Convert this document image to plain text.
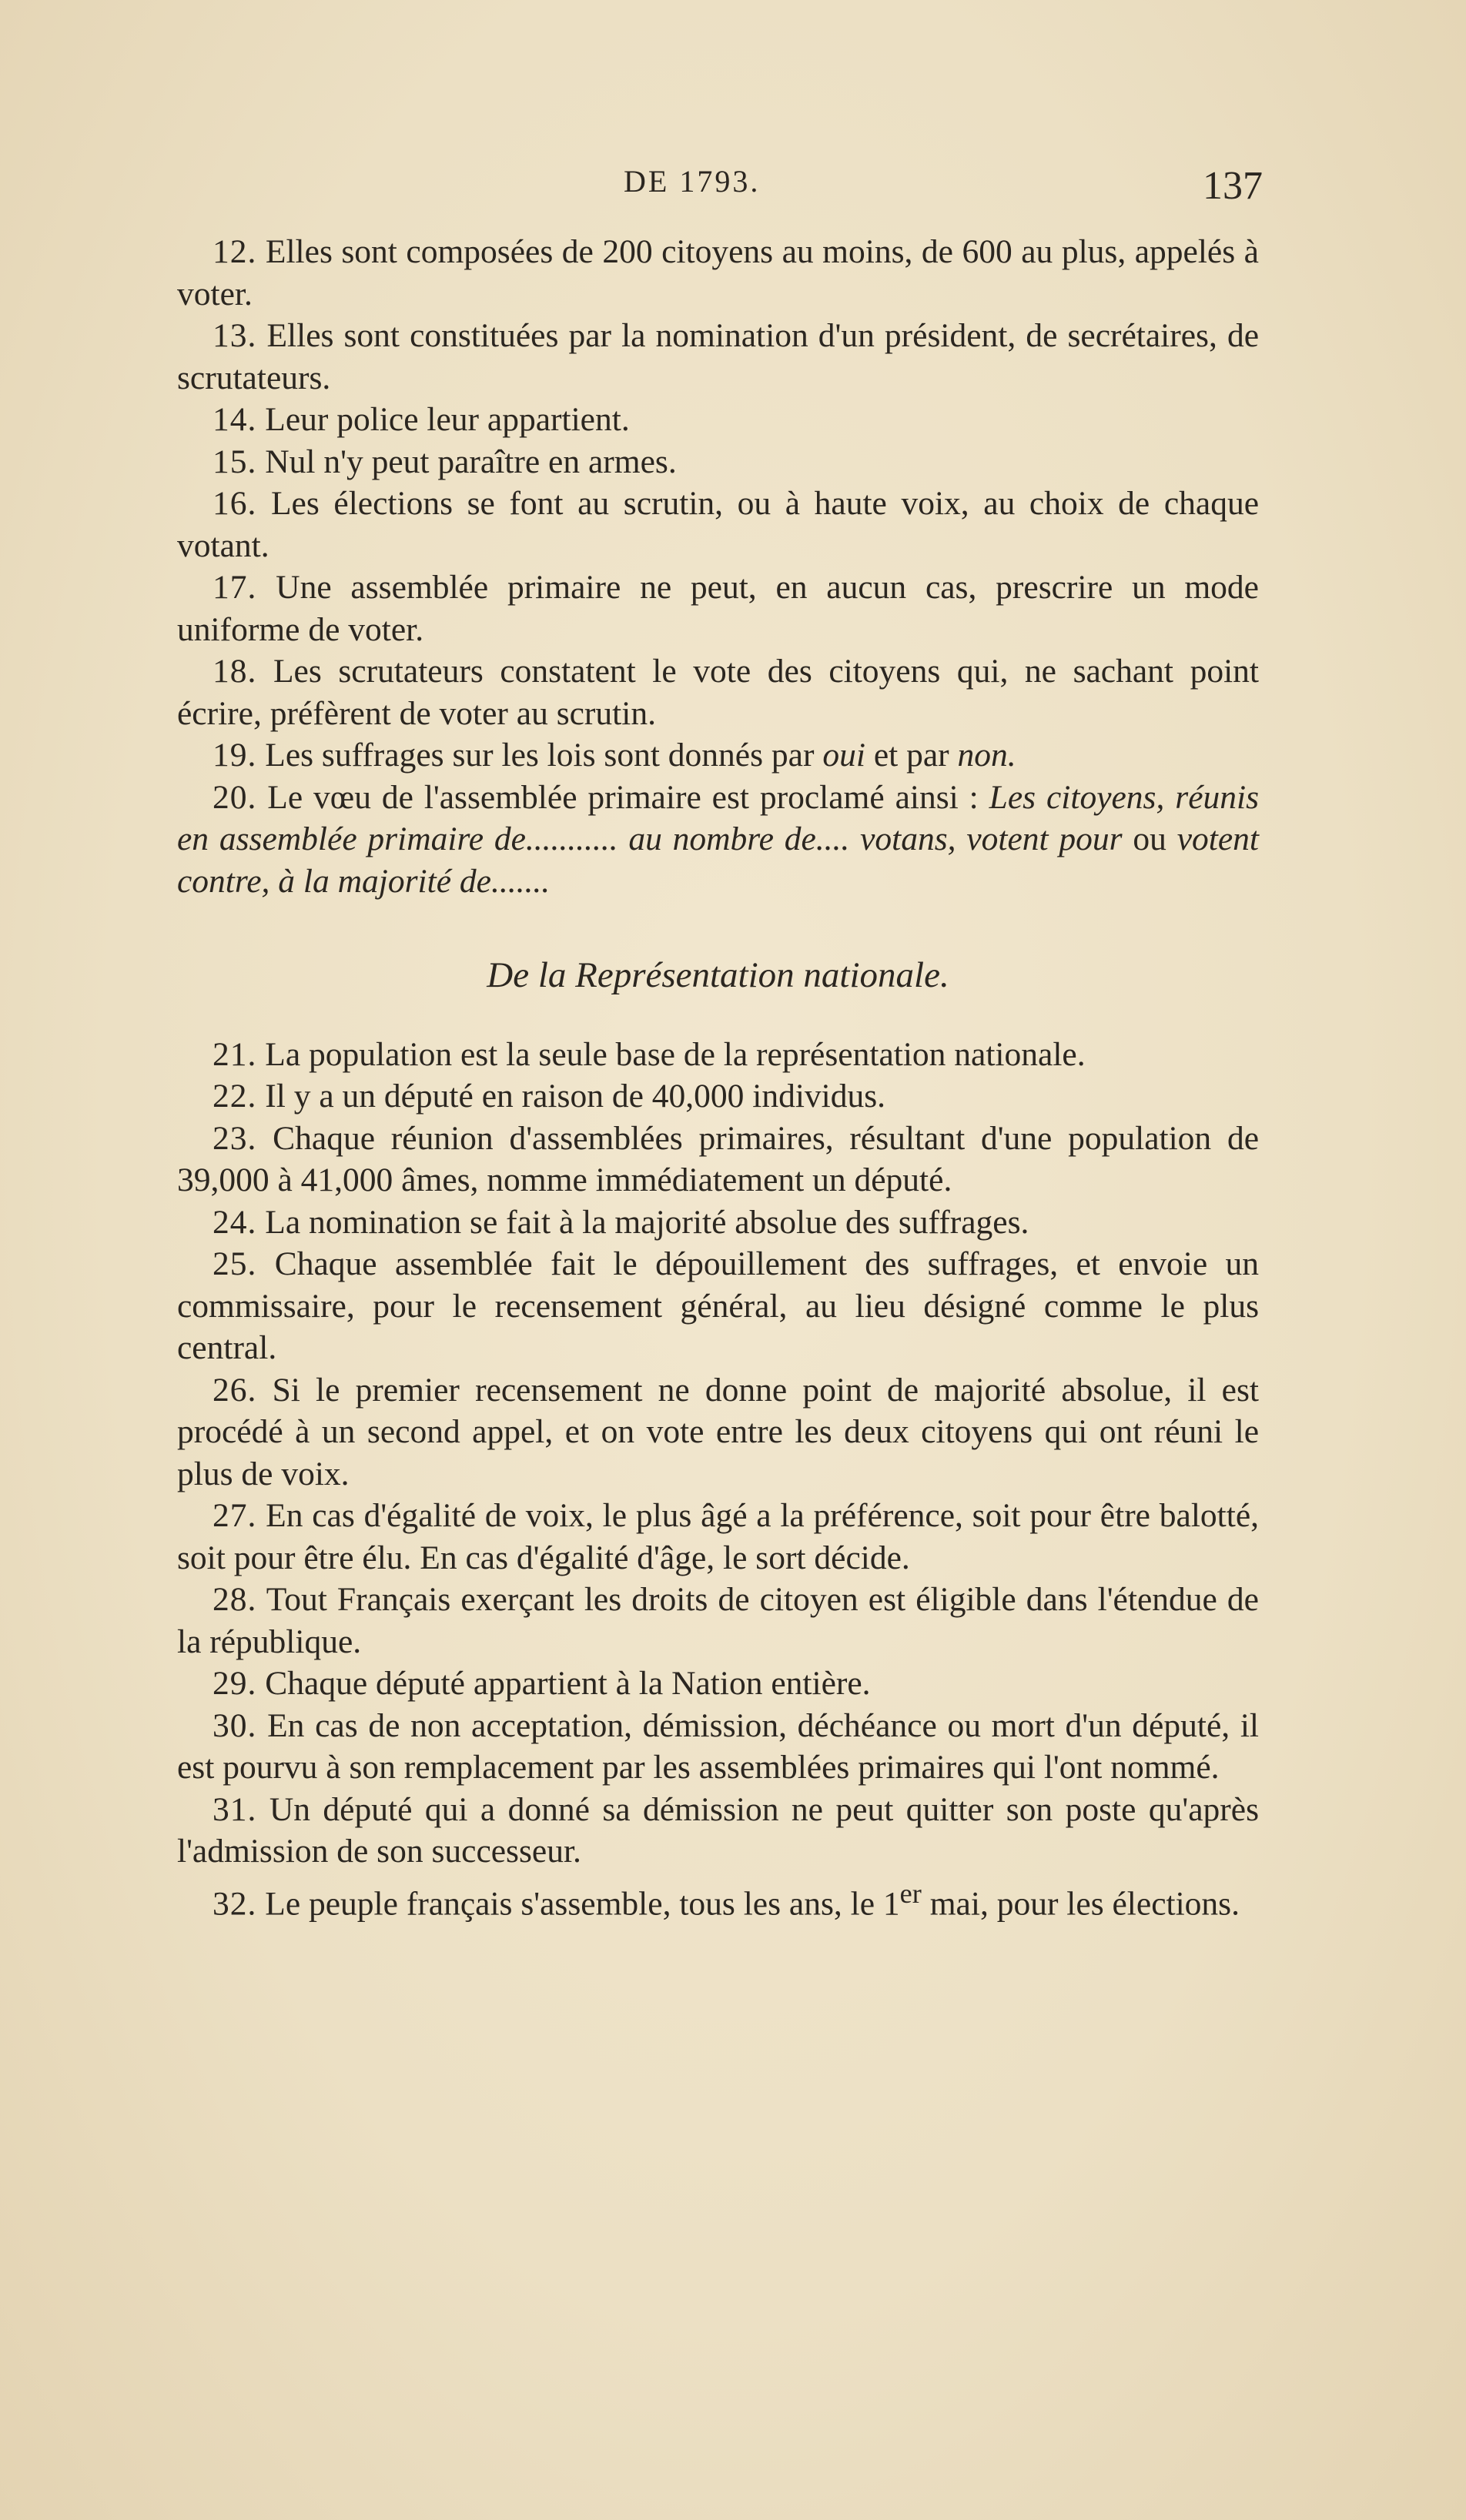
DE 1793.	137

12. Elles sont composées de 200 citoyens au moins, de 600 au plus, appelés à voter.

13. Elles sont constituées par la nomination d'un président, de secrétaires, de scrutateurs.

14. Leur police leur appartient.

15. Nul n'y peut paraître en armes.

16. Les élections se font au scrutin, ou à haute voix, au choix de chaque votant.

17. Une assemblée primaire ne peut, en aucun cas, prescrire un mode uniforme de voter.

18. Les scrutateurs constatent le vote des citoyens qui, ne sachant point écrire, préfèrent de voter au scrutin.

19. Les suffrages sur les lois sont donnés par oui et par non.

20. Le vœu de l'assemblée primaire est proclamé ainsi : Les citoyens, réunis en assemblée primaire de........... au nombre de.... votans, votent pour ou votent contre, à la majorité de.......

De la Représentation nationale.

21. La population est la seule base de la représentation nationale.

22. Il y a un député en raison de 40,000 individus.

23. Chaque réunion d'assemblées primaires, résultant d'une population de 39,000 à 41,000 âmes, nomme immédiatement un député.

24. La nomination se fait à la majorité absolue des suffrages.

25. Chaque assemblée fait le dépouillement des suffrages, et envoie un commissaire, pour le recensement général, au lieu désigné comme le plus central.

26. Si le premier recensement ne donne point de majorité absolue, il est procédé à un second appel, et on vote entre les deux citoyens qui ont réuni le plus de voix.

27. En cas d'égalité de voix, le plus âgé a la préférence, soit pour être balotté, soit pour être élu. En cas d'égalité d'âge, le sort décide.

28. Tout Français exerçant les droits de citoyen est éligible dans l'étendue de la république.

29. Chaque député appartient à la Nation entière.

30. En cas de non acceptation, démission, déchéance ou mort d'un député, il est pourvu à son remplacement par les assemblées primaires qui l'ont nommé.

31. Un député qui a donné sa démission ne peut quitter son poste qu'après l'admission de son successeur.

32. Le peuple français s'assemble, tous les ans, le 1er mai, pour les élections.
